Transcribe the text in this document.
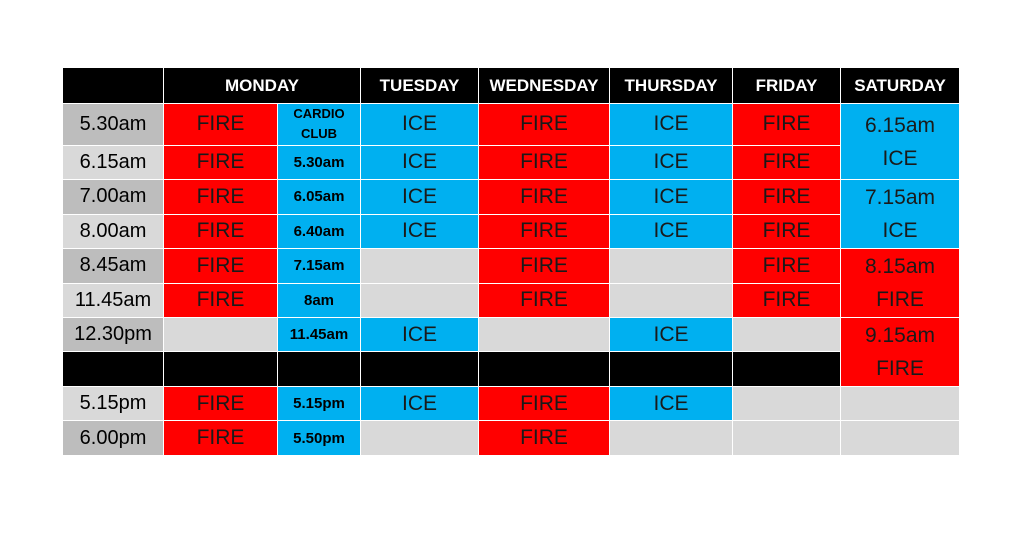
	MONDAY		TUESDAY	WEDNESDAY	THURSDAY	FRIDAY	SATURDAY
5.30am	FIRE	CARDIO CLUB	ICE	FIRE	ICE	FIRE	6.15am
ICE

6.15am	FIRE	5.30am	ICE	FIRE	ICE	FIRE	
7.00am	FIRE	6.05am	ICE	FIRE	ICE	FIRE	7.15am
ICE

8.00am	FIRE	6.40am	ICE	FIRE	ICE	FIRE	
8.45am	FIRE	7.15am		FIRE		FIRE	8.15am
FIRE

11.45am	FIRE	8am		FIRE		FIRE	
12.30pm		11.45am	ICE		ICE		9.15am
FIRE

5.15pm	FIRE	5.15pm	ICE	FIRE	ICE		
6.00pm	FIRE	5.50pm		FIRE			
